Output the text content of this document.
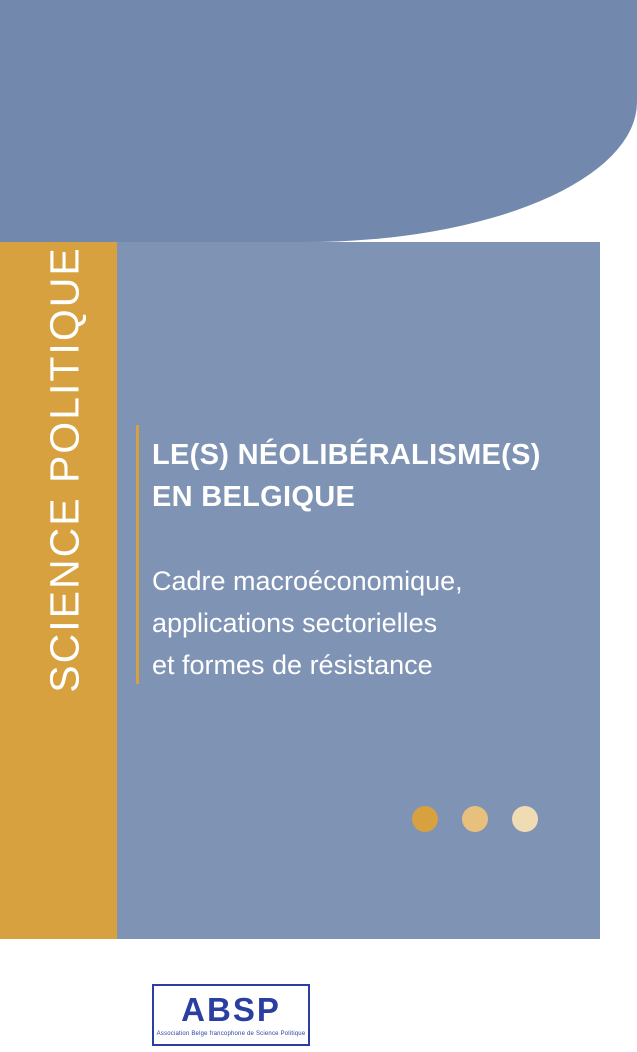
SCIENCE POLITIQUE LE(S) NÉOLIBÉRALISME(S)
EN BELGIQUE
Cadre macroéconomique,
applications sectorielles
et formes de résistance
ABSP
Association Belge francophone de Science Politique
a
ACADEMIA
